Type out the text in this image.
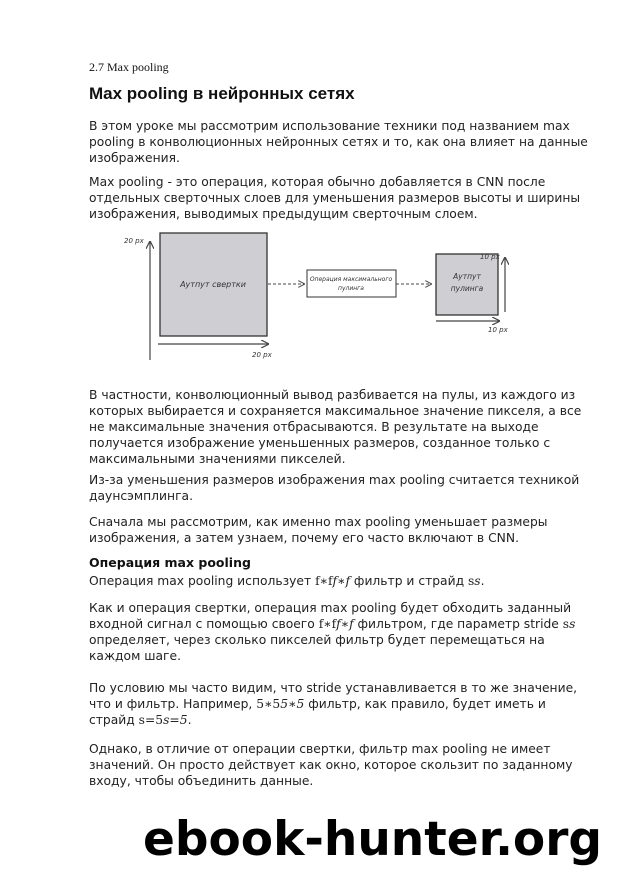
2.7 Max pooling
Max pooling в нейронных сетях

В этом уроке мы рассмотрим использование техники под названием max pooling в конволюционных нейронных сетях и то, как она влияет на данные изображения.

Max pooling - это операция, которая обычно добавляется в CNN после отдельных сверточных слоев для уменьшения размеров высоты и ширины изображения, выводимых предыдущим сверточным слоем.

20 px
Аутпут свертки
20 px
Операция максимального
пулинга
Аутпут
пулинга
10 px
10 px

В частности, конволюционный вывод разбивается на пулы, из каждого из которых выбирается и сохраняется максимальное значение пикселя, а все не максимальные значения отбрасываются. В результате на выходе получается изображение уменьшенных размеров, созданное только с максимальными значениями пикселей.

Из-за уменьшения размеров изображения max pooling считается техникой даунсэмплинга.

Сначала мы рассмотрим, как именно max pooling уменьшает размеры изображения, а затем узнаем, почему его часто включают в CNN.

Операция max pooling

Операция max pooling использует f∗ff∗f фильтр и страйд ss.

Как и операция свертки, операция max pooling будет обходить заданный входной сигнал с помощью своего f∗ff∗f фильтром, где параметр stride ss определяет, через сколько пикселей фильтр будет перемещаться на каждом шаге.

По условию мы часто видим, что stride устанавливается в то же значение, что и фильтр. Например, 5∗55∗5 фильтр, как правило, будет иметь и страйд s=5s=5.

Однако, в отличие от операции свертки, фильтр max pooling не имеет значений. Он просто действует как окно, которое скользит по заданному входу, чтобы объединить данные.

ebook-hunter.org
